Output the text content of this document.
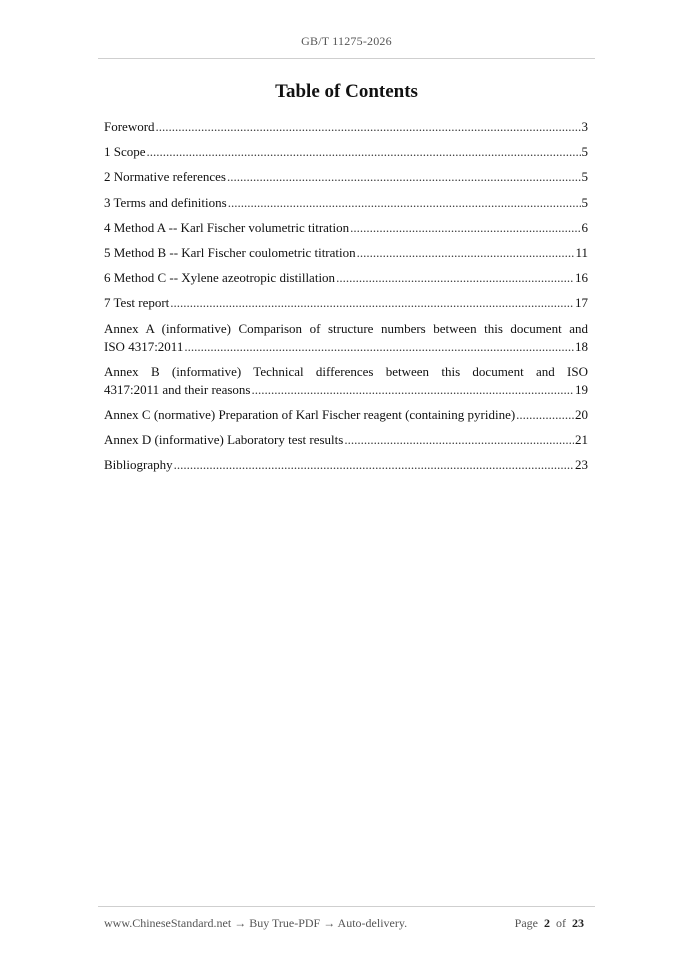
GB/T 11275-2026
Table of Contents
Foreword .....	3
1 Scope .....	5
2 Normative references .....	5
3 Terms and definitions .....	5
4 Method A -- Karl Fischer volumetric titration .....	6
5 Method B -- Karl Fischer coulometric titration .....	11
6 Method C -- Xylene azeotropic distillation .....	16
7 Test report .....	17
Annex A (informative) Comparison of structure numbers between this document and
ISO 4317:2011 .....	18
Annex B (informative) Technical differences between this document and ISO
4317:2011 and their reasons .....	19
Annex C (normative) Preparation of Karl Fischer reagent (containing pyridine) .....	20
Annex D (informative) Laboratory test results .....	21
Bibliography .....	23
www.ChineseStandard.net → Buy True-PDF → Auto-delivery.	Page 2 of 23
